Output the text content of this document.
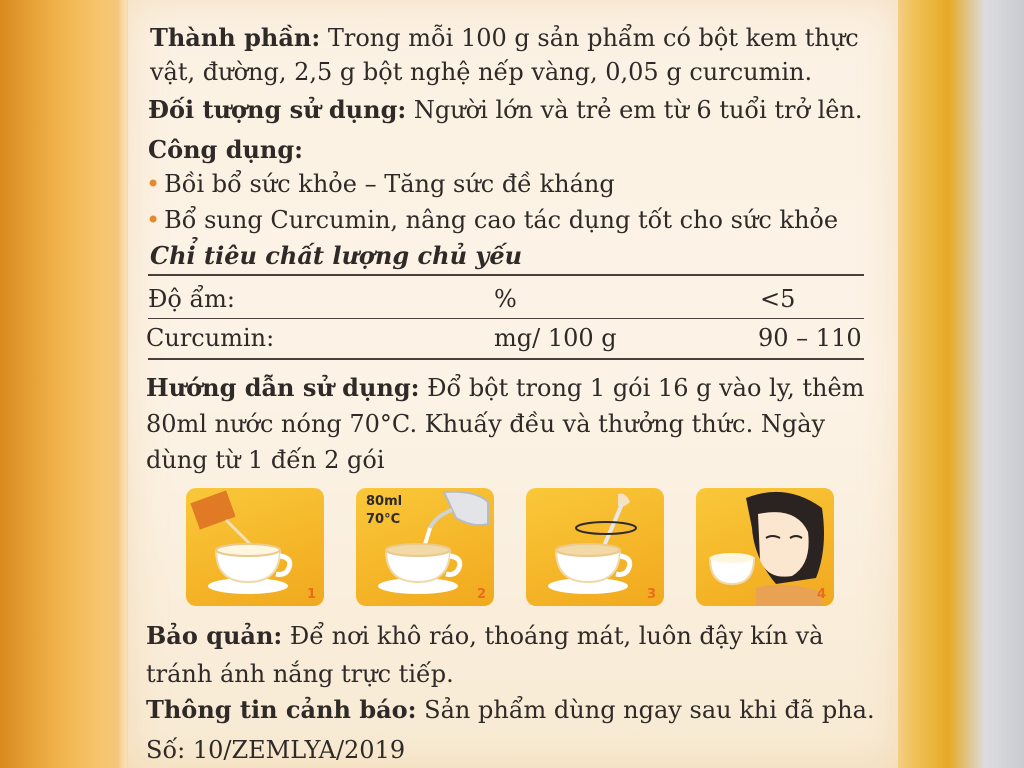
Thành phần: Trong mỗi 100 g sản phẩm có bột kem thực
vật, đường, 2,5 g bột nghệ nếp vàng, 0,05 g curcumin.
Đối tượng sử dụng: Người lớn và trẻ em từ 6 tuổi trở lên.
Công dụng:
• Bồi bổ sức khỏe – Tăng sức đề kháng
• Bổ sung Curcumin, nâng cao tác dụng tốt cho sức khỏe
Chỉ tiêu chất lượng chủ yếu
Độ ẩm:	%	<5
Curcumin:	mg/ 100 g	90 – 110
Hướng dẫn sử dụng: Đổ bột trong 1 gói 16 g vào ly, thêm
80ml nước nóng 70°C. Khuấy đều và thưởng thức. Ngày
dùng từ 1 đến 2 gói
1
80ml
70°C
2	3	4
Bảo quản: Để nơi khô ráo, thoáng mát, luôn đậy kín và
tránh ánh nắng trực tiếp.
Thông tin cảnh báo: Sản phẩm dùng ngay sau khi đã pha.
Số: 10/ZEMLYA/2019
